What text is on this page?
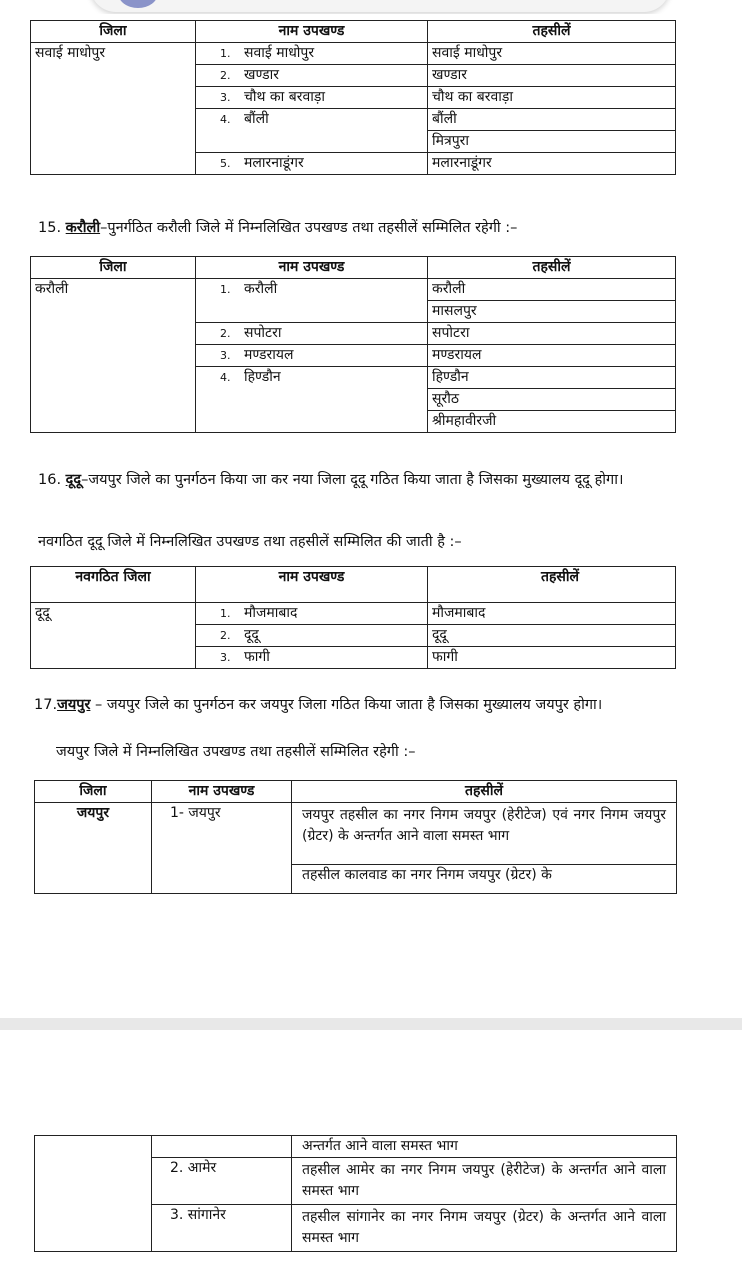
जिला	नाम उपखण्ड	तहसीलें
सवाई माधोपुर	1. सवाई माधोपुर	सवाई माधोपुर
	2. खण्डार	खण्डार
	3. चौथ का बरवाड़ा	चौथ का बरवाड़ा
	4. बौंली	बौंली
		मित्रपुरा
	5. मलारनाडूंगर	मलारनाडूंगर
15. करौली–पुनर्गठित करौली जिले में निम्नलिखित उपखण्ड तथा तहसीलें सम्मिलित रहेगी :–
जिला	नाम उपखण्ड	तहसीलें
करौली	1. करौली	करौली
		मासलपुर
	2. सपोटरा	सपोटरा
	3. मण्डरायल	मण्डरायल
	4. हिण्डौन	हिण्डौन
		सूरौठ
		श्रीमहावीरजी
16. दूदू–जयपुर जिले का पुनर्गठन किया जा कर नया जिला दूदू गठित किया जाता है जिसका मुख्यालय दूदू होगा।
नवगठित दूदू जिले में निम्नलिखित उपखण्ड तथा तहसीलें सम्मिलित की जाती है :–
नवगठित जिला	नाम उपखण्ड	तहसीलें
दूदू	1. मौजमाबाद	मौजमाबाद
	2. दूदू	दूदू
	3. फागी	फागी
17.जयपुर – जयपुर जिले का पुनर्गठन कर जयपुर जिला गठित किया जाता है जिसका मुख्यालय जयपुर होगा।
जयपुर जिले में निम्नलिखित उपखण्ड तथा तहसीलें सम्मिलित रहेगी :–
जिला	नाम उपखण्ड	तहसीलें
जयपुर	1- जयपुर	जयपुर तहसील का नगर निगम जयपुर (हेरीटेज) एवं नगर निगम जयपुर (ग्रेटर) के अन्तर्गत आने वाला समस्त भाग
		तहसील कालवाड का नगर निगम जयपुर (ग्रेटर) के
		अन्तर्गत आने वाला समस्त भाग
	2. आमेर	तहसील आमेर का नगर निगम जयपुर (हेरीटेज) के अन्तर्गत आने वाला समस्त भाग
	3. सांगानेर	तहसील सांगानेर का नगर निगम जयपुर (ग्रेटर) के अन्तर्गत आने वाला समस्त भाग
